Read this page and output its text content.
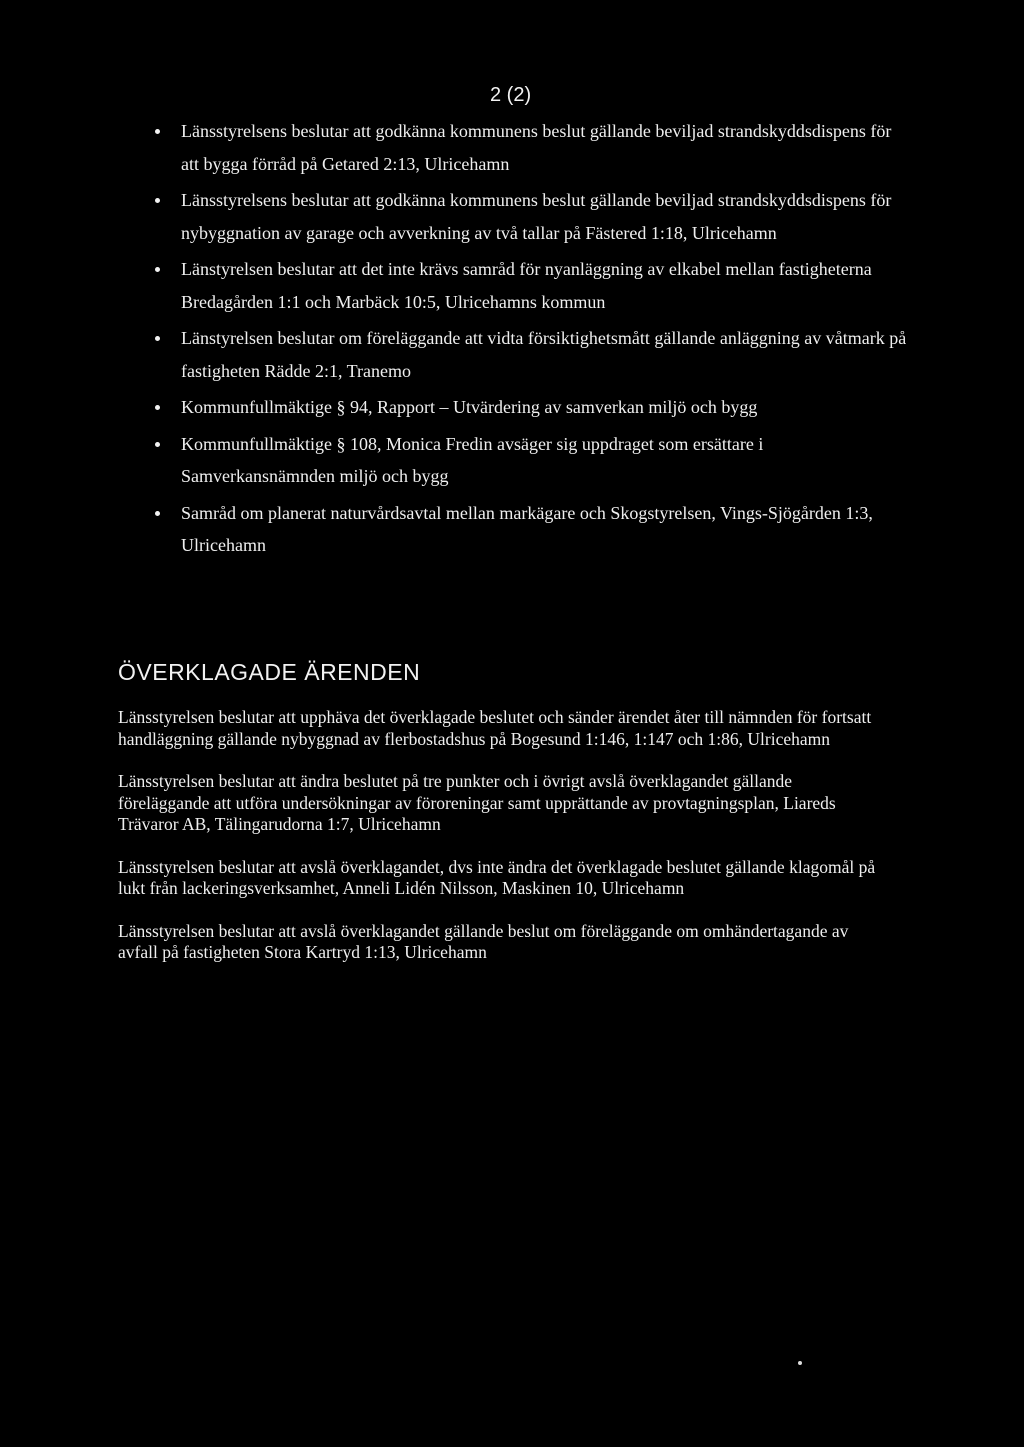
2 (2)
Länsstyrelsens beslutar att godkänna kommunens beslut gällande beviljad strandskyddsdispens för att bygga förråd på Getared 2:13, Ulricehamn
Länsstyrelsens beslutar att godkänna kommunens beslut gällande beviljad strandskyddsdispens för nybyggnation av garage och avverkning av två tallar på Fästered 1:18, Ulricehamn
Länstyrelsen beslutar att det inte krävs samråd för nyanläggning av elkabel mellan fastigheterna Bredagården 1:1 och Marbäck 10:5, Ulricehamns kommun
Länstyrelsen beslutar om föreläggande att vidta försiktighetsmått gällande anläggning av våtmark på fastigheten Rädde 2:1, Tranemo
Kommunfullmäktige § 94, Rapport – Utvärdering av samverkan miljö och bygg
Kommunfullmäktige § 108, Monica Fredin avsäger sig uppdraget som ersättare i Samverkansnämnden miljö och bygg
Samråd om planerat naturvårdsavtal mellan markägare och Skogstyrelsen, Vings-Sjögården 1:3, Ulricehamn
ÖVERKLAGADE ÄRENDEN

Länsstyrelsen beslutar att upphäva det överklagade beslutet och sänder ärendet åter till nämnden för fortsatt handläggning gällande nybyggnad av flerbostadshus på Bogesund 1:146, 1:147 och 1:86, Ulricehamn

Länsstyrelsen beslutar att ändra beslutet på tre punkter och i övrigt avslå överklagandet gällande föreläggande att utföra undersökningar av föroreningar samt upprättande av provtagningsplan, Liareds Trävaror AB, Tälingarudorna 1:7, Ulricehamn

Länsstyrelsen beslutar att avslå överklagandet, dvs inte ändra det överklagade beslutet gällande klagomål på lukt från lackeringsverksamhet, Anneli Lidén Nilsson, Maskinen 10, Ulricehamn

Länsstyrelsen beslutar att avslå överklagandet gällande beslut om föreläggande om omhändertagande av avfall på fastigheten Stora Kartryd 1:13, Ulricehamn
